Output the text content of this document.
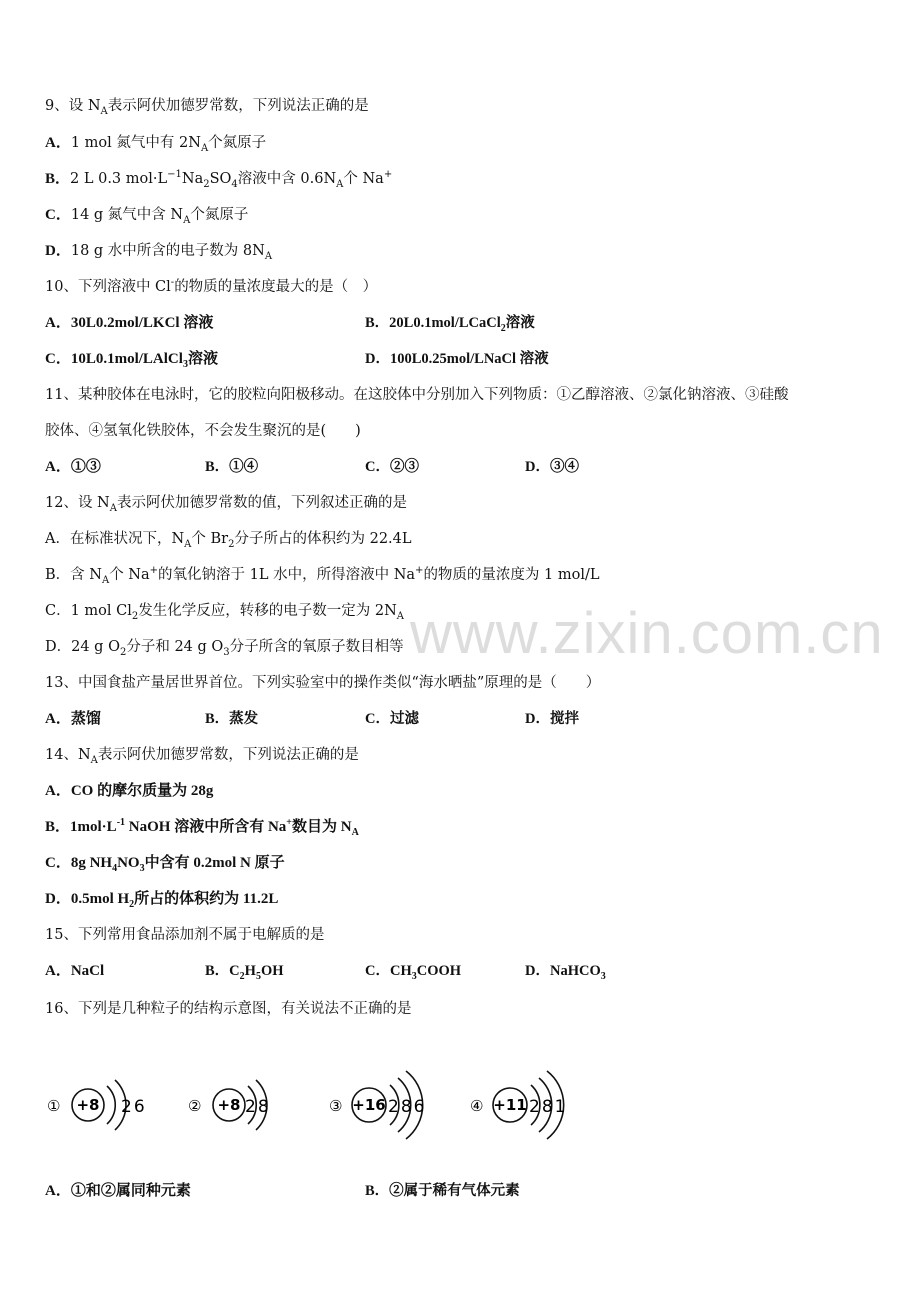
www.zixin.com.cn
9、设 $N_A$表示阿伏加德罗常数，下列说法正确的是
A．1 mol 氮气中有 $2N_A$个氮原子
B．2 L 0.3 $mol\cdot L^{-1}Na_2SO_4$溶液中含 $0.6N_A$个 Na+
C．14 g 氮气中含 $N_A$个氮原子
D．18 g 水中所含的电子数为 $8N_A$
10、下列溶液中 Cl-的物质的量浓度最大的是（　）
A．30L0.2mol/LKCl 溶液	B．20L0.1mol/LCaCl$_2$溶液
C．10L0.1mol/LAlCl$_3$溶液	D．100L0.25mol/LNaCl 溶液
11、某种胶体在电泳时，它的胶粒向阳极移动。在这胶体中分别加入下列物质：①乙醇溶液、②氯化钠溶液、③硅酸
胶体、④氢氧化铁胶体，不会发生聚沉的是(　　)
A．①③	B．①④	C．②③	D．③④
12、设 $N_A$表示阿伏加德罗常数的值，下列叙述正确的是
A．在标准状况下，$N_A$个 $Br_2$分子所占的体积约为 22.4L
B．含 $N_A$个 Na+的氧化钠溶于 1L 水中，所得溶液中 Na+的物质的量浓度为 1 mol/L
C．1 mol $Cl_2$发生化学反应，转移的电子数一定为 $2N_A$
D．24 g $O_2$分子和 24 g $O_3$分子所含的氧原子数目相等
13、中国食盐产量居世界首位。下列实验室中的操作类似“海水晒盐”原理的是（　　）
A．蒸馏	B．蒸发	C．过滤	D．搅拌
14、$N_A$表示阿伏加德罗常数，下列说法正确的是
A．CO 的摩尔质量为 28g
B．$1mol\cdot L^{-1}$ NaOH 溶液中所含有 Na+数目为 $N_A$
C．8g $NH_4NO_3$中含有 0.2mol N 原子
D．0.5mol $H_2$所占的体积约为 11.2L
15、下列常用食品添加剂不属于电解质的是
A．NaCl	B．$C_2H_5OH$	C．$CH_3COOH$	D．NaHCO$_3$
16、下列是几种粒子的结构示意图，有关说法不正确的是
① +8 26	② +8 28	③ +16 286	④ +11 281
A．①和②属同种元素	B．②属于稀有气体元素
